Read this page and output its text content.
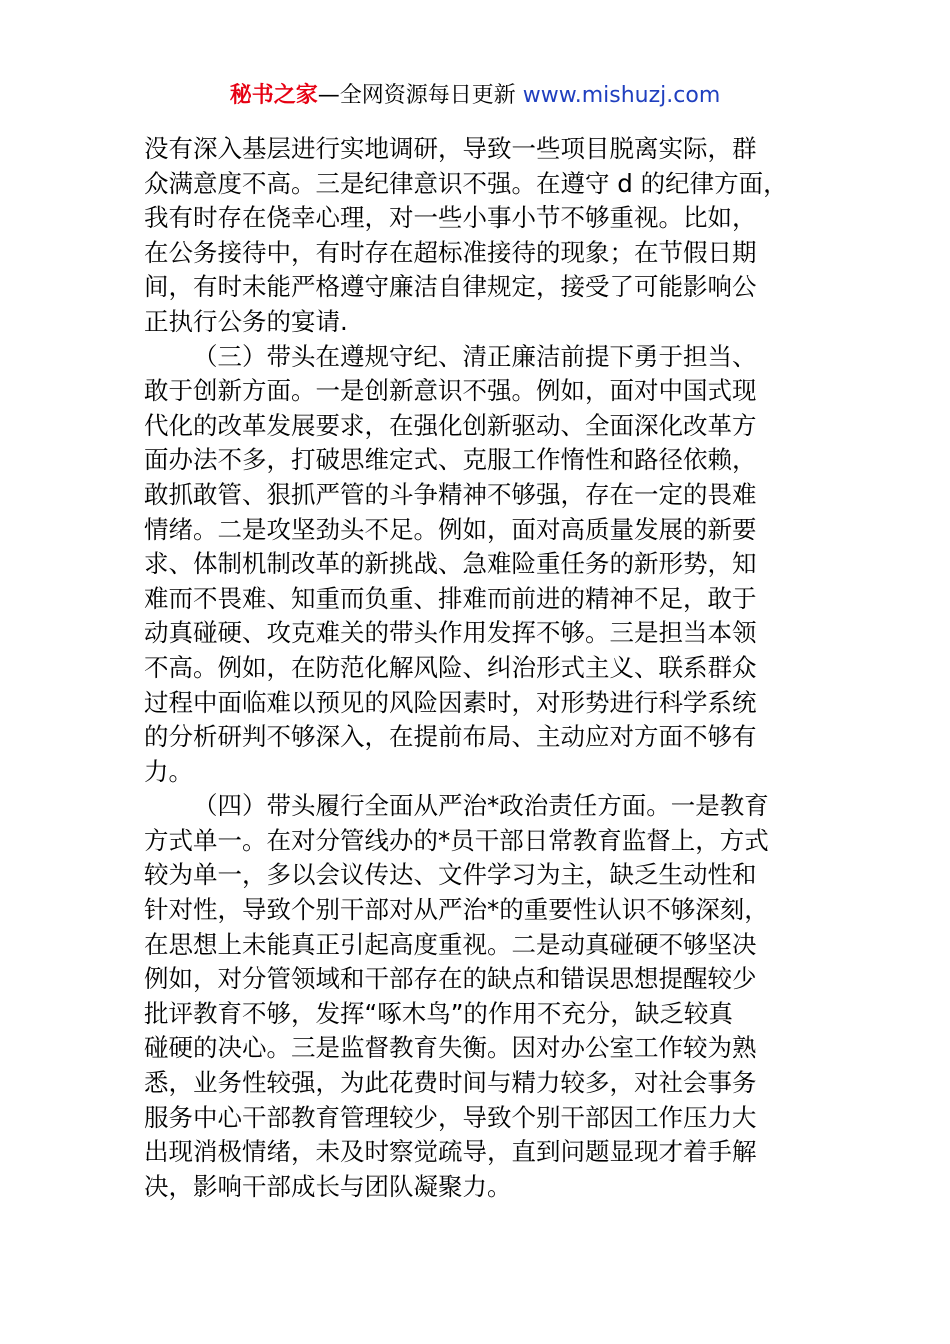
秘书之家—全网资源每日更新 www.mishuzj.com
没有深入基层进行实地调研，导致一些项目脱离实际，群
众满意度不高。三是纪律意识不强。在遵守 d 的纪律方面，
我有时存在侥幸心理，对一些小事小节不够重视。比如，
在公务接待中，有时存在超标准接待的现象；在节假日期
间，有时未能严格遵守廉洁自律规定，接受了可能影响公
正执行公务的宴请.
（三）带头在遵规守纪、清正廉洁前提下勇于担当、
敢于创新方面。一是创新意识不强。例如，面对中国式现
代化的改革发展要求，在强化创新驱动、全面深化改革方
面办法不多，打破思维定式、克服工作惰性和路径依赖，
敢抓敢管、狠抓严管的斗争精神不够强，存在一定的畏难
情绪。二是攻坚劲头不足。例如，面对高质量发展的新要
求、体制机制改革的新挑战、急难险重任务的新形势，知
难而不畏难、知重而负重、排难而前进的精神不足，敢于
动真碰硬、攻克难关的带头作用发挥不够。三是担当本领
不高。例如，在防范化解风险、纠治形式主义、联系群众
过程中面临难以预见的风险因素时，对形势进行科学系统
的分析研判不够深入，在提前布局、主动应对方面不够有
力。
（四）带头履行全面从严治*政治责任方面。一是教育
方式单一。在对分管线办的*员干部日常教育监督上，方式
较为单一，多以会议传达、文件学习为主，缺乏生动性和
针对性，导致个别干部对从严治*的重要性认识不够深刻，
在思想上未能真正引起高度重视。二是动真碰硬不够坚决
例如，对分管领域和干部存在的缺点和错误思想提醒较少
批评教育不够，发挥“啄木鸟”的作用不充分，缺乏较真
碰硬的决心。三是监督教育失衡。因对办公室工作较为熟
悉，业务性较强，为此花费时间与精力较多，对社会事务
服务中心干部教育管理较少，导致个别干部因工作压力大
出现消极情绪，未及时察觉疏导，直到问题显现才着手解
决，影响干部成长与团队凝聚力。
